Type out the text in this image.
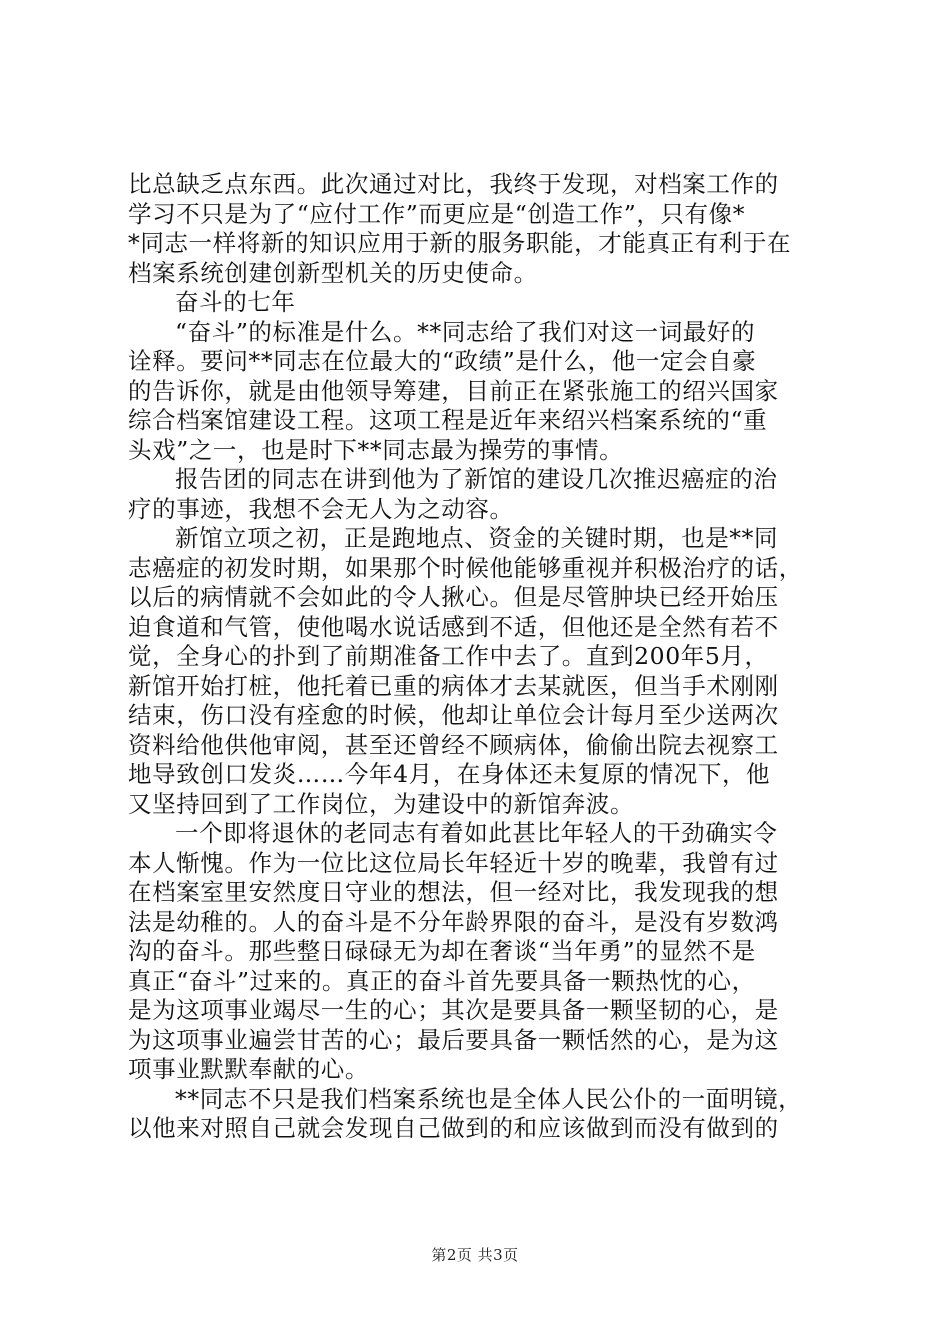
比总缺乏点东西。此次通过对比，我终于发现，对档案工作的
学习不只是为了“应付工作”而更应是“创造工作”，只有像*
*同志一样将新的知识应用于新的服务职能，才能真正有利于在
档案系统创建创新型机关的历史使命。
奋斗的七年
“奋斗”的标准是什么。**同志给了我们对这一词最好的
诠释。要问**同志在位最大的“政绩”是什么，他一定会自豪
的告诉你，就是由他领导筹建，目前正在紧张施工的绍兴国家
综合档案馆建设工程。这项工程是近年来绍兴档案系统的“重
头戏”之一，也是时下**同志最为操劳的事情。
报告团的同志在讲到他为了新馆的建设几次推迟癌症的治
疗的事迹，我想不会无人为之动容。
新馆立项之初，正是跑地点、资金的关键时期，也是**同
志癌症的初发时期，如果那个时候他能够重视并积极治疗的话，
以后的病情就不会如此的令人揪心。但是尽管肿块已经开始压
迫食道和气管，使他喝水说话感到不适，但他还是全然有若不
觉，全身心的扑到了前期准备工作中去了。直到200年5月，
新馆开始打桩，他托着已重的病体才去某就医，但当手术刚刚
结束，伤口没有痊愈的时候，他却让单位会计每月至少送两次
资料给他供他审阅，甚至还曾经不顾病体，偷偷出院去视察工
地导致创口发炎……今年4月，在身体还未复原的情况下，他
又坚持回到了工作岗位，为建设中的新馆奔波。
一个即将退休的老同志有着如此甚比年轻人的干劲确实令
本人惭愧。作为一位比这位局长年轻近十岁的晚辈，我曾有过
在档案室里安然度日守业的想法，但一经对比，我发现我的想
法是幼稚的。人的奋斗是不分年龄界限的奋斗，是没有岁数鸿
沟的奋斗。那些整日碌碌无为却在奢谈“当年勇”的显然不是
真正“奋斗”过来的。真正的奋斗首先要具备一颗热忱的心，
是为这项事业竭尽一生的心；其次是要具备一颗坚韧的心，是
为这项事业遍尝甘苦的心；最后要具备一颗恬然的心，是为这
项事业默默奉献的心。
**同志不只是我们档案系统也是全体人民公仆的一面明镜，
以他来对照自己就会发现自己做到的和应该做到而没有做到的
第2页 共3页
